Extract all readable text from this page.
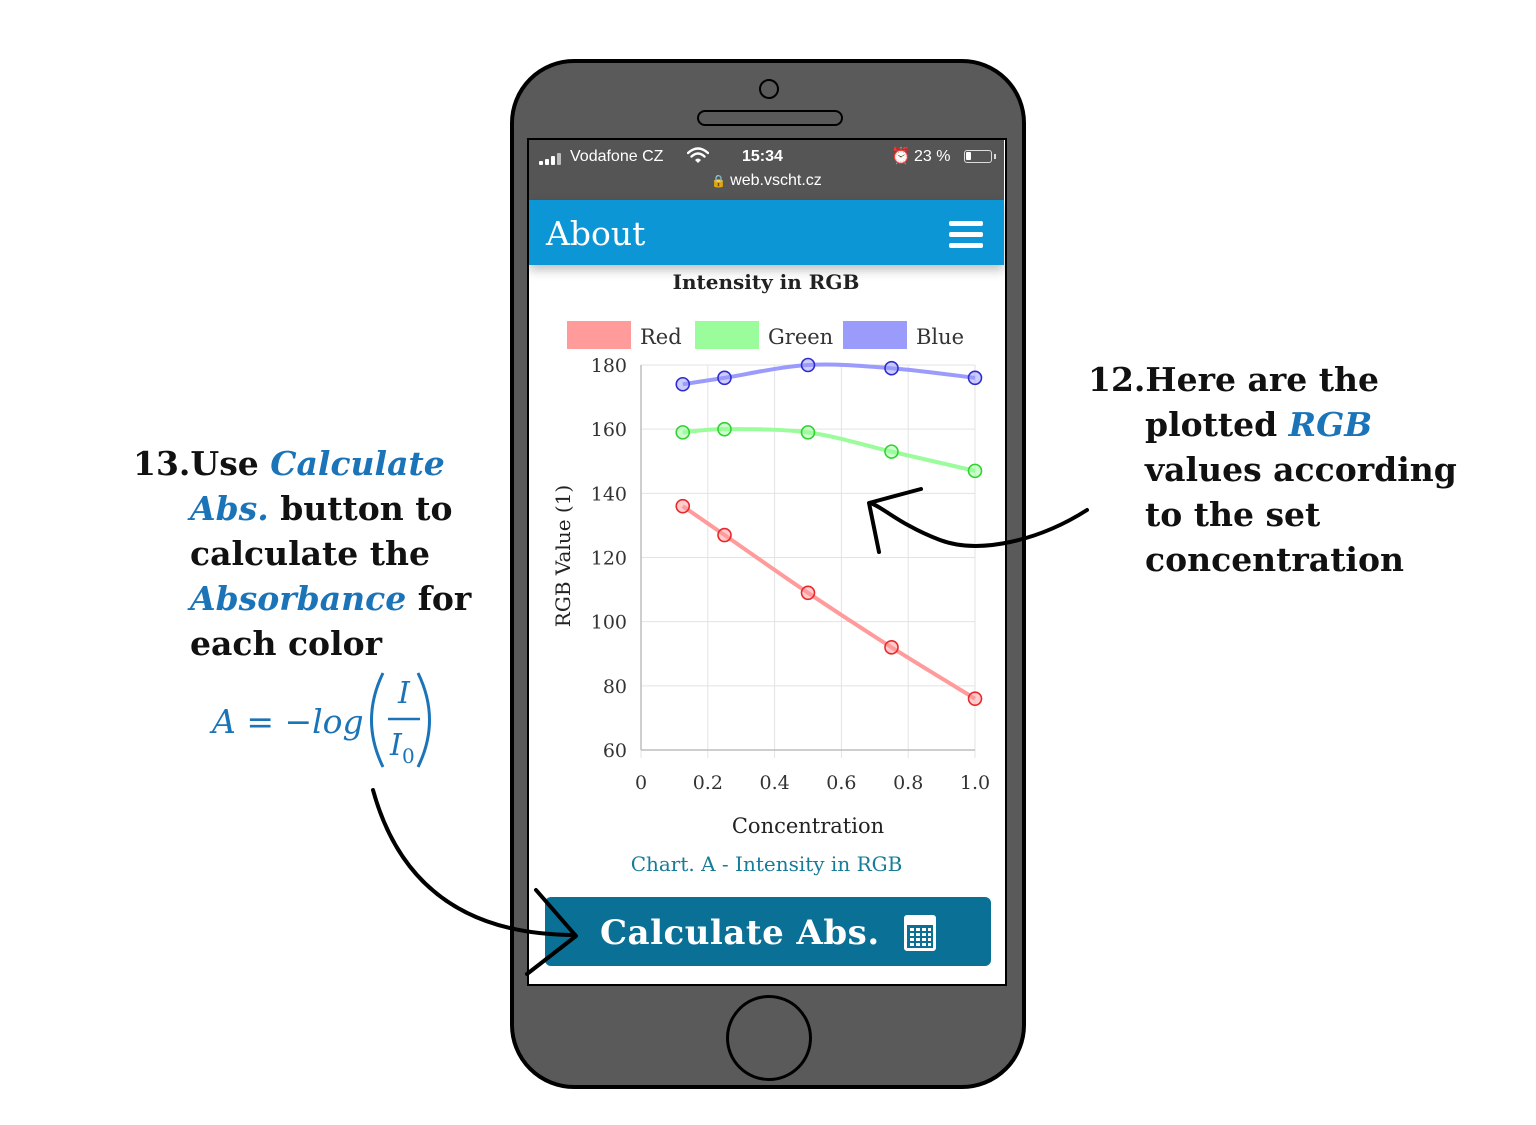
Vodafone CZ	15:34	⏰ 23 %
🔒 web.vscht.cz
Intensity in RGB
Red	Green	Blue
60
80
100
120
140
160
180
0 0.2 0.4 0.6 0.8 1.0
Concentration
RGB Value (1)
Chart. A - Intensity in RGB
About
Calculate Abs.
12.Here are the
plotted RGB
values according
to the set
concentration
13.Use Calculate
Abs. button to
calculate the
Absorbance for
each color
A = −log
I
I 0
